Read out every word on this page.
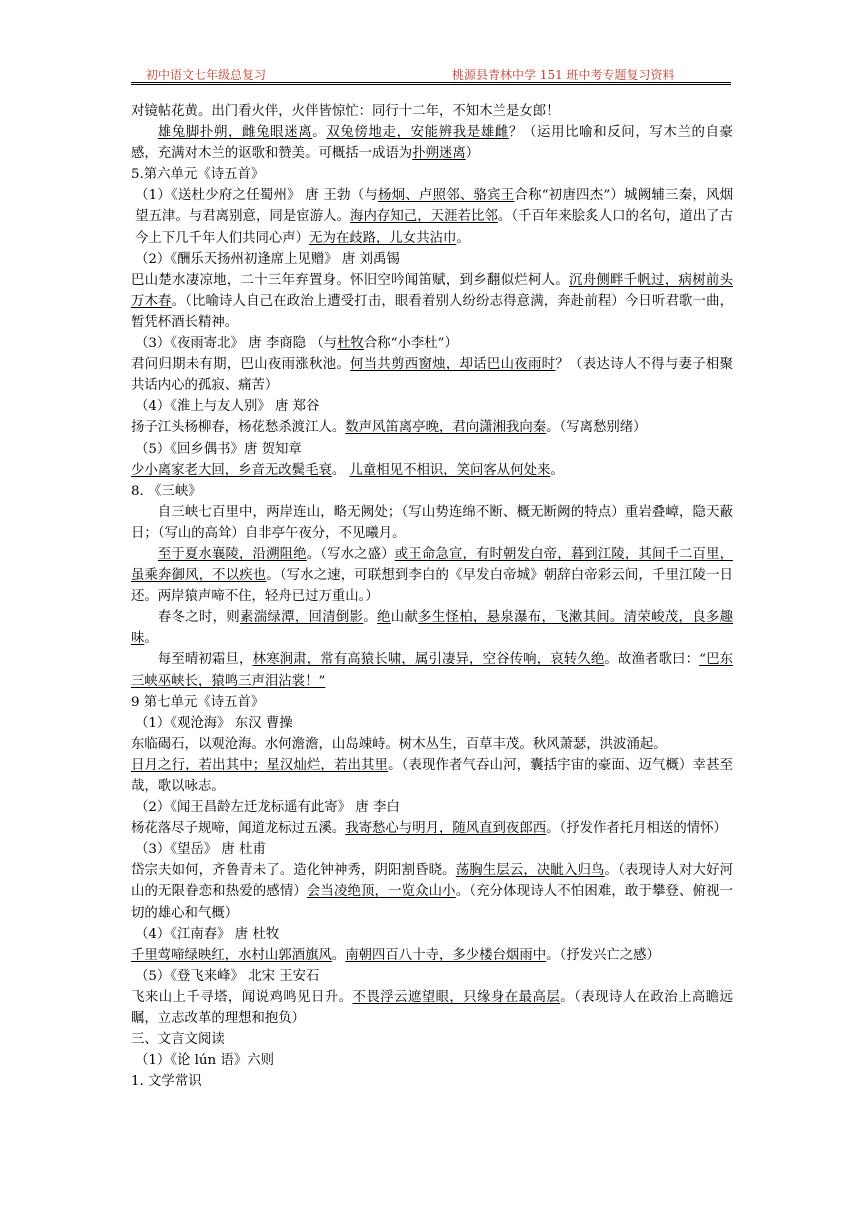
初中语文七年级总复习	桃源县青林中学 151 班中考专题复习资料

对镜帖花黄。出门看火伴，火伴皆惊忙：同行十二年，不知木兰是女郎！

雄兔脚扑朔，雌兔眼迷离。双兔傍地走，安能辨我是雄雌？（运用比喻和反问，写木兰的自豪感，充满对木兰的讴歌和赞美。可概括一成语为扑朔迷离）

5.第六单元《诗五首》

（1）《送杜少府之任蜀州》 唐 王勃（与杨炯、卢照邻、骆宾王合称“初唐四杰”）城阙辅三秦，风烟望五津。与君离别意，同是宦游人。海内存知己，天涯若比邻。（千百年来脍炙人口的名句，道出了古今上下几千年人们共同心声）无为在歧路，儿女共沾巾。

（2）《酬乐天扬州初逢席上见赠》 唐 刘禹锡

巴山楚水凄凉地，二十三年弃置身。怀旧空吟闻笛赋，到乡翻似烂柯人。沉舟侧畔千帆过，病树前头万木春。（比喻诗人自己在政治上遭受打击，眼看着别人纷纷志得意满，奔赴前程）今日听君歌一曲，暂凭杯酒长精神。

（3）《夜雨寄北》 唐 李商隐 （与杜牧合称“小李杜”）

君问归期未有期，巴山夜雨涨秋池。何当共剪西窗烛，却话巴山夜雨时？（表达诗人不得与妻子相聚共话内心的孤寂、痛苦）

（4）《淮上与友人别》 唐 郑谷

扬子江头杨柳春，杨花愁杀渡江人。数声风笛离亭晚，君向潇湘我向秦。（写离愁别绪）

（5）《回乡偶书》唐 贺知章

少小离家老大回，乡音无改鬓毛衰。 儿童相见不相识，笑问客从何处来。

8. 《三峡》

自三峡七百里中，两岸连山，略无阙处；（写山势连绵不断、概无断阙的特点）重岩叠嶂，隐天蔽日；（写山的高耸）自非亭午夜分，不见曦月。

至于夏水襄陵，沿溯阻绝。（写水之盛）或王命急宣，有时朝发白帝，暮到江陵，其间千二百里，虽乘奔御风，不以疾也。（写水之速，可联想到李白的《早发白帝城》朝辞白帝彩云间，千里江陵一日还。两岸猿声啼不住，轻舟已过万重山。）

春冬之时，则素湍绿潭，回清倒影。绝山献多生怪柏，悬泉瀑布，飞漱其间。清荣峻茂，良多趣味。

每至晴初霜旦，林寒涧肃，常有高猿长啸，属引凄异，空谷传响，哀转久绝。故渔者歌曰：“巴东三峡巫峡长，猿鸣三声泪沾裳！”

9 第七单元《诗五首》

（1）《观沧海》 东汉 曹操

东临碣石，以观沧海。水何澹澹，山岛竦峙。树木丛生，百草丰茂。秋风萧瑟，洪波涌起。

日月之行，若出其中；星汉灿烂，若出其里。（表现作者气吞山河，囊括宇宙的豪面、迈气概）幸甚至哉，歌以咏志。

（2）《闻王昌龄左迁龙标遥有此寄》 唐 李白

杨花落尽子规啼，闻道龙标过五溪。我寄愁心与明月，随风直到夜郎西。（抒发作者托月相送的情怀）

（3）《望岳》 唐 杜甫

岱宗夫如何，齐鲁青未了。造化钟神秀，阴阳割昏晓。荡胸生层云，决眦入归鸟。（表现诗人对大好河山的无限眷恋和热爱的感情）会当凌绝顶，一览众山小。（充分体现诗人不怕困难，敢于攀登、俯视一切的雄心和气概）

（4）《江南春》 唐 杜牧

千里莺啼绿映红，水村山郭酒旗风。南朝四百八十寺，多少楼台烟雨中。（抒发兴亡之感）

（5）《登飞来峰》 北宋 王安石

飞来山上千寻塔，闻说鸡鸣见日升。不畏浮云遮望眼，只缘身在最高层。（表现诗人在政治上高瞻远瞩，立志改革的理想和抱负）

三、文言文阅读

（1）《论 lún 语》六则

1. 文学常识
